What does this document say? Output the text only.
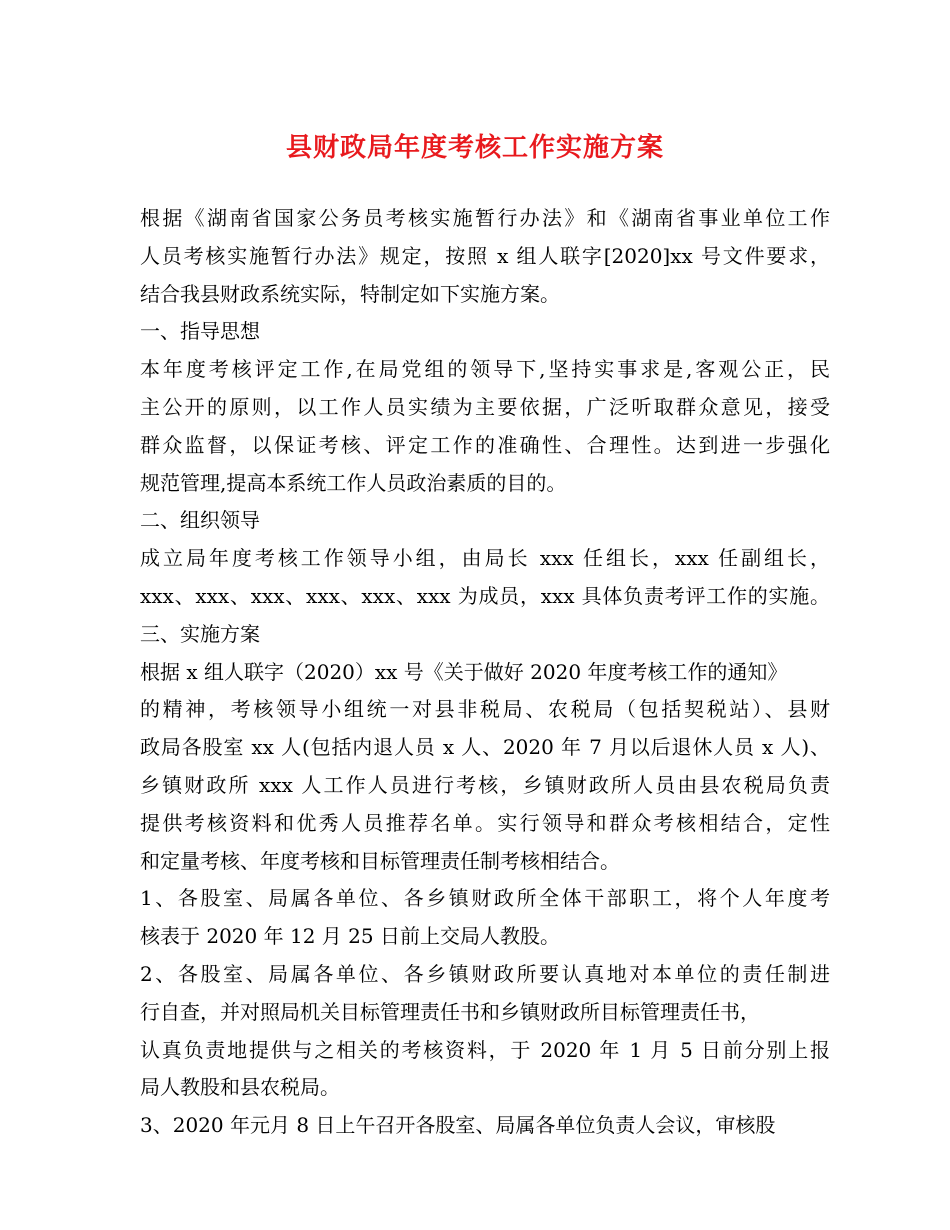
县财政局年度考核工作实施方案
根据《湖南省国家公务员考核实施暂行办法》和《湖南省事业单位工作
人员考核实施暂行办法》规定，按照 x 组人联字[2020]xx 号文件要求，
结合我县财政系统实际，特制定如下实施方案。
一、指导思想
本年度考核评定工作,在局党组的领导下,坚持实事求是,客观公正，民
主公开的原则，以工作人员实绩为主要依据，广泛听取群众意见，接受
群众监督，以保证考核、评定工作的准确性、合理性。达到进一步强化
规范管理,提高本系统工作人员政治素质的目的。
二、组织领导
成立局年度考核工作领导小组，由局长 xxx 任组长，xxx 任副组长，
xxx、xxx、xxx、xxx、xxx、xxx 为成员，xxx 具体负责考评工作的实施。
三、实施方案
根据 x 组人联字（2020）xx 号《关于做好 2020 年度考核工作的通知》
的精神，考核领导小组统一对县非税局、农税局（包括契税站）、县财
政局各股室 xx 人(包括内退人员 x 人、2020 年 7 月以后退休人员 x 人)、
乡镇财政所 xxx 人工作人员进行考核，乡镇财政所人员由县农税局负责
提供考核资料和优秀人员推荐名单。实行领导和群众考核相结合，定性
和定量考核、年度考核和目标管理责任制考核相结合。
1、各股室、局属各单位、各乡镇财政所全体干部职工，将个人年度考
核表于 2020 年 12 月 25 日前上交局人教股。
2、各股室、局属各单位、各乡镇财政所要认真地对本单位的责任制进
行自查，并对照局机关目标管理责任书和乡镇财政所目标管理责任书，
认真负责地提供与之相关的考核资料，于 2020 年 1 月 5 日前分别上报
局人教股和县农税局。
3、2020 年元月 8 日上午召开各股室、局属各单位负责人会议，审核股
